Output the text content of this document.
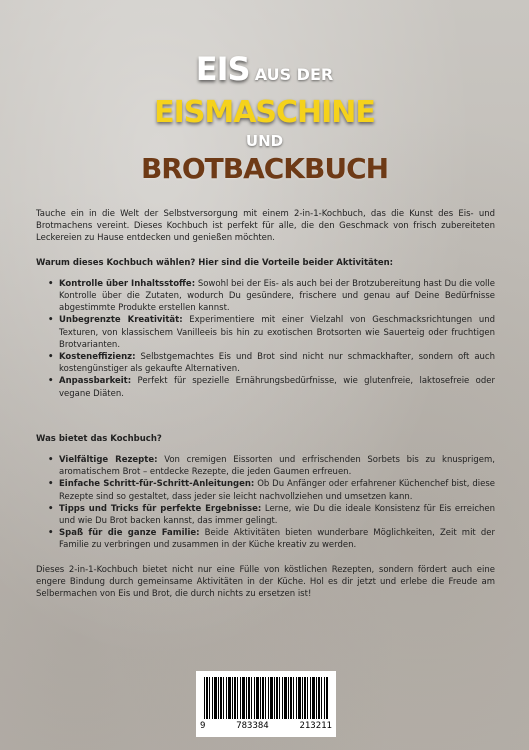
EIS AUS DER
EISMASCHINE
UND
BROTBACKBUCH

Tauche ein in die Welt der Selbstversorgung mit einem 2-in-1-Kochbuch, das die Kunst des Eis- und Brotmachens vereint. Dieses Kochbuch ist perfekt für alle, die den Geschmack von frisch zubereiteten Leckereien zu Hause entdecken und genießen möchten.

Warum dieses Kochbuch wählen? Hier sind die Vorteile beider Aktivitäten:

• Kontrolle über Inhaltsstoffe: Sowohl bei der Eis- als auch bei der Brotzubereitung hast Du die volle Kontrolle über die Zutaten, wodurch Du gesündere, frischere und genau auf Deine Bedürfnisse abgestimmte Produkte erstellen kannst.
• Unbegrenzte Kreativität: Experimentiere mit einer Vielzahl von Geschmacksrichtungen und Texturen, von klassischem Vanilleeis bis hin zu exotischen Brotsorten wie Sauerteig oder fruchtigen Brotvarianten.
• Kosteneffizienz: Selbstgemachtes Eis und Brot sind nicht nur schmackhafter, sondern oft auch kostengünstiger als gekaufte Alternativen.
• Anpassbarkeit: Perfekt für spezielle Ernährungsbedürfnisse, wie glutenfreie, laktosefreie oder vegane Diäten.

Was bietet das Kochbuch?

• Vielfältige Rezepte: Von cremigen Eissorten und erfrischenden Sorbets bis zu knusprigem, aromatischem Brot – entdecke Rezepte, die jeden Gaumen erfreuen.
• Einfache Schritt-für-Schritt-Anleitungen: Ob Du Anfänger oder erfahrener Küchenchef bist, diese Rezepte sind so gestaltet, dass jeder sie leicht nachvollziehen und umsetzen kann.
• Tipps und Tricks für perfekte Ergebnisse: Lerne, wie Du die ideale Konsistenz für Eis erreichen und wie Du Brot backen kannst, das immer gelingt.
• Spaß für die ganze Familie: Beide Aktivitäten bieten wunderbare Möglichkeiten, Zeit mit der Familie zu verbringen und zusammen in der Küche kreativ zu werden.

Dieses 2-in-1-Kochbuch bietet nicht nur eine Fülle von köstlichen Rezepten, sondern fördert auch eine engere Bindung durch gemeinsame Aktivitäten in der Küche. Hol es dir jetzt und erlebe die Freude am Selbermachen von Eis und Brot, die durch nichts zu ersetzen ist!

9	783384	213211
